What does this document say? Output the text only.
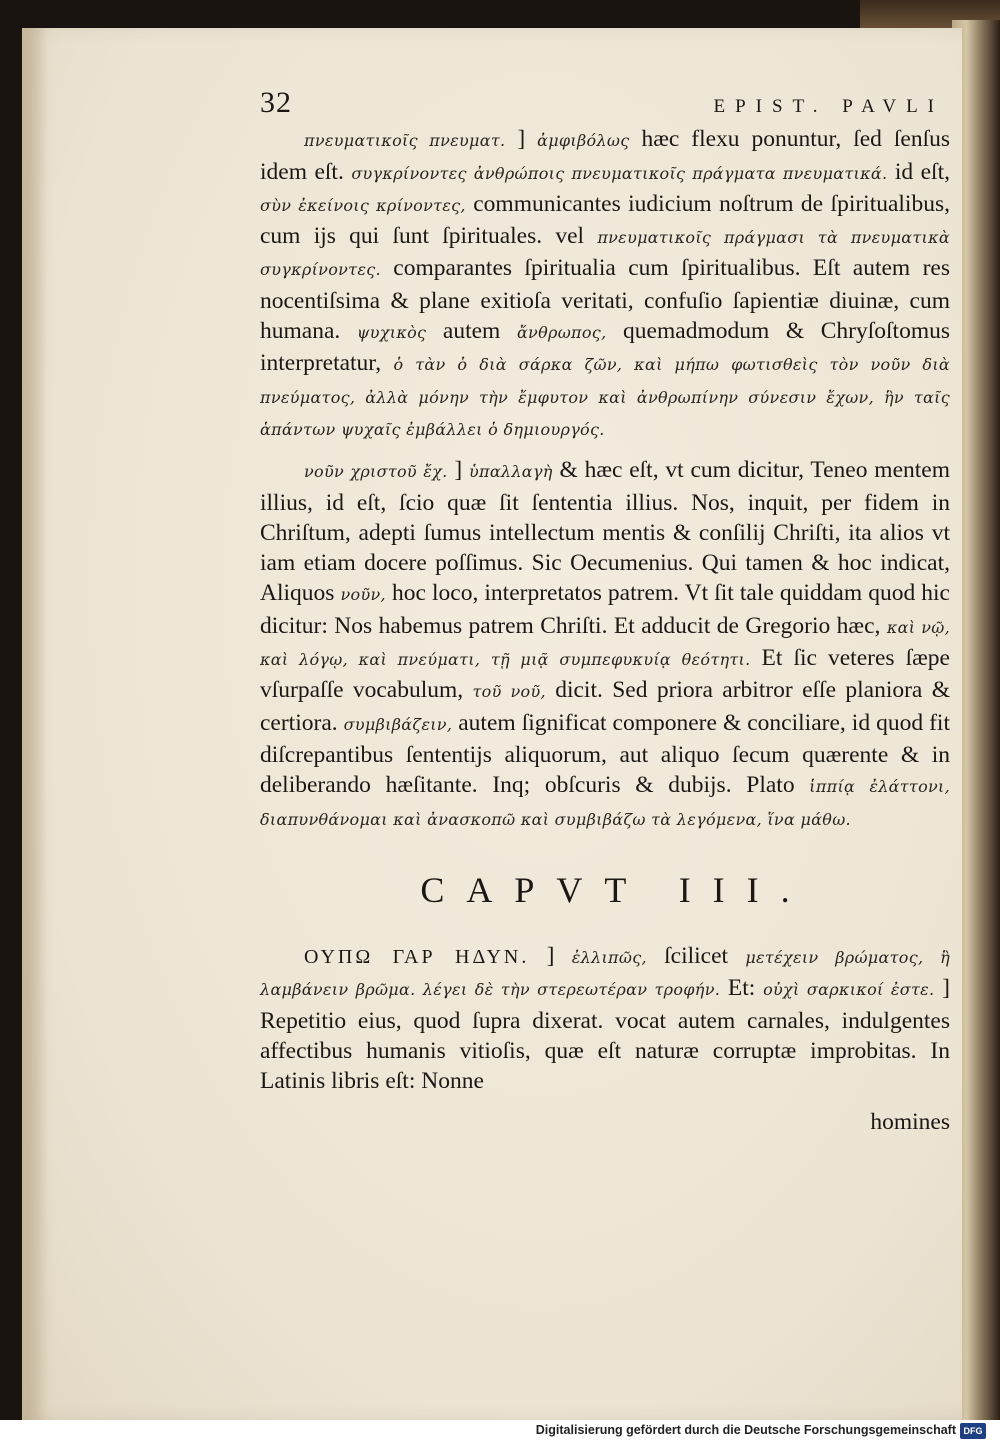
32	EPIST. PAVLI

πνευματικοῖς πνευματ. ] ἀμφιβόλως hæc flexu ponuntur, ſed ſenſus idem eſt. συγκρίνοντες ἀνθρώποις πνευματικοῖς πράγματα πνευματικά. id eſt, σὺν ἐκείνοις κρίνοντες, communicantes iudicium noſtrum de ſpiritualibus, cum ijs qui ſunt ſpirituales. vel πνευματικοῖς πράγμασι τὰ πνευματικὰ συγκρίνοντες. comparantes ſpiritualia cum ſpiritualibus. Eſt autem res nocentiſsima & plane exitioſa veritati, confuſio ſapientiæ diuinæ, cum humana. ψυχικὸς autem ἄνθρωπος, quemadmodum & Chryſoſtomus interpretatur, ὁ τὰν ὁ διὰ σάρκα ζῶν, καὶ μήπω φωτισθεὶς τὸν νοῦν διὰ πνεύματος, ἀλλὰ μόνην τὴν ἔμφυτον καὶ ἀνθρωπίνην σύνεσιν ἔχων, ἣν ταῖς ἁπάντων ψυχαῖς ἐμβάλλει ὁ δημιουργός.

νοῦν χριστοῦ ἔχ. ] ὑπαλλαγὴ & hæc eſt, vt cum dicitur, Teneo mentem illius, id eſt, ſcio quæ ſit ſententia illius. Nos, inquit, per fidem in Chriſtum, adepti ſumus intellectum mentis & conſilij Chriſti, ita alios vt iam etiam docere poſſimus. Sic Oecumenius. Qui tamen & hoc indicat, Aliquos νοῦν, hoc loco, interpretatos patrem. Vt ſit tale quiddam quod hic dicitur: Nos habemus patrem Chriſti. Et adducit de Gregorio hæc, καὶ νῷ, καὶ λόγῳ, καὶ πνεύματι, τῇ μιᾷ συμπεφυκυίᾳ θεότητι. Et ſic veteres ſæpe vſurpaſſe vocabulum, τοῦ νοῦ, dicit. Sed priora arbitror eſſe planiora & certiora. συμβιβάζειν, autem ſignificat componere & conciliare, id quod fit diſcrepantibus ſententijs aliquorum, aut aliquo ſecum quærente & in deliberando hæſitante. Inq; obſcuris & dubijs. Plato ἱππίᾳ ἐλάττονι, διαπυνθάνομαι καὶ ἀνασκοπῶ καὶ συμβιβάζω τὰ λεγόμενα, ἵνα μάθω.

CAPVT III.

ΟΥΠΩ ΓΑΡ ΗΔΥΝ. ] ἐλλιπῶς, ſcilicet μετέχειν βρώματος, ἢ λαμβάνειν βρῶμα. λέγει δὲ τὴν στερεωτέραν τροφήν. Et: οὐχὶ σαρκικοί ἐστε. ] Repetitio eius, quod ſupra dixerat. vocat autem carnales, indulgentes affectibus humanis vitioſis, quæ eſt naturæ corruptæ improbitas. In Latinis libris eſt: Nonne

homines

Digitalisierung gefördert durch die Deutsche Forschungsgemeinschaft DFG
